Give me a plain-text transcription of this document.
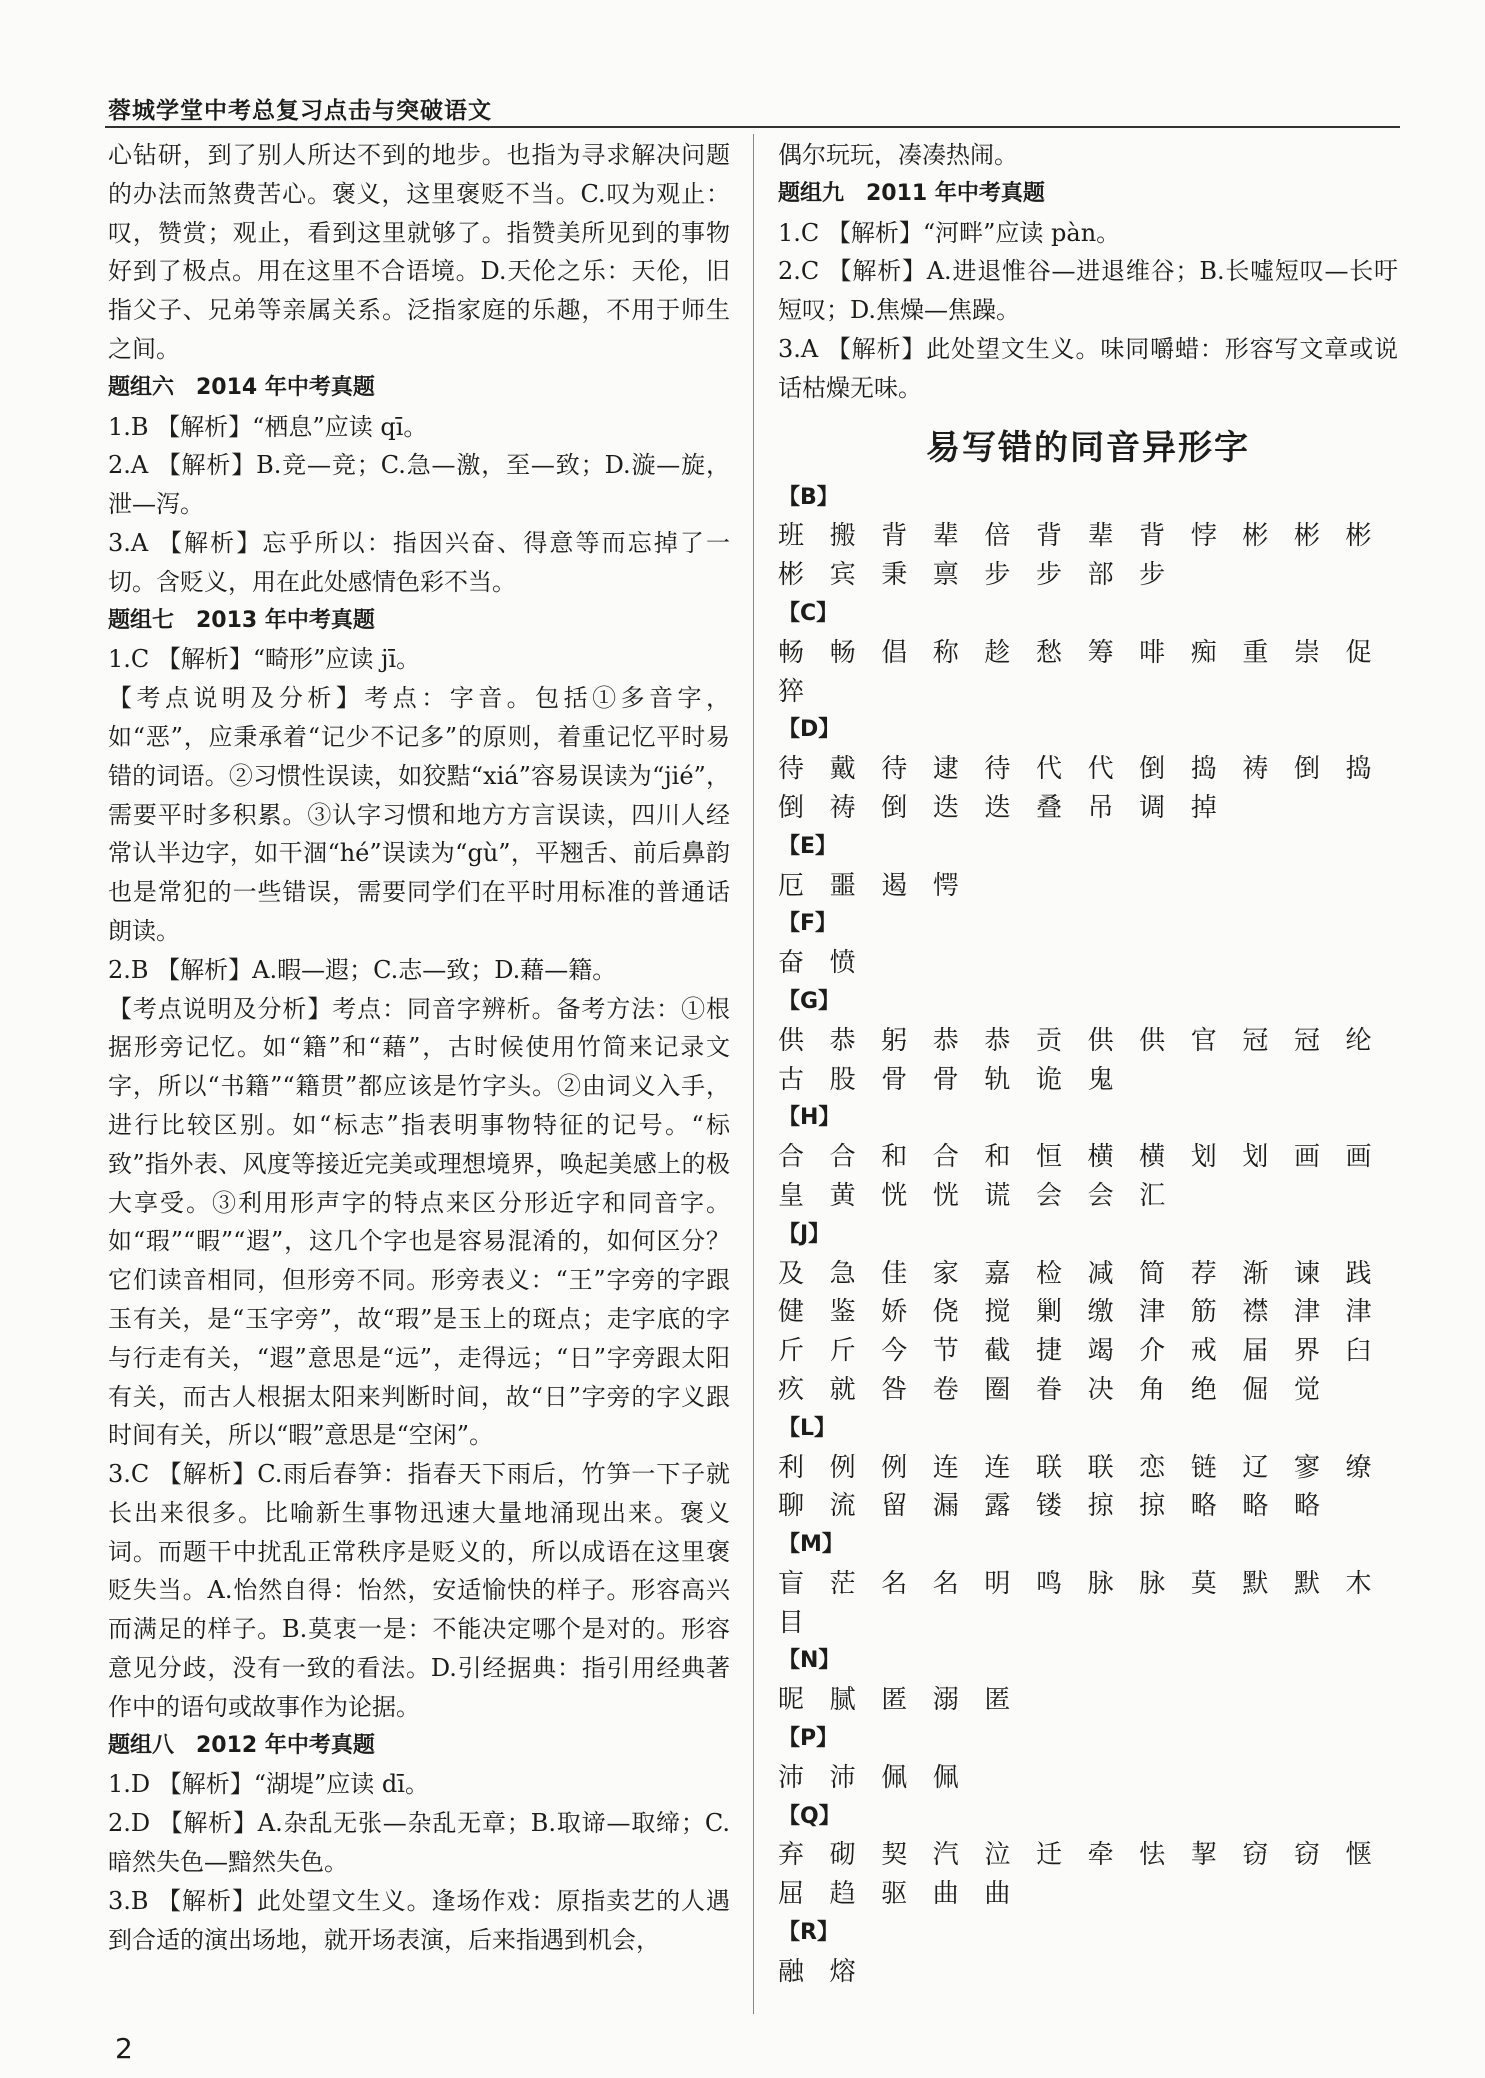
蓉城学堂中考总复习点击与突破语文
心钻研，到了别人所达不到的地步。也指为寻求解决问题的办法而煞费苦心。褒义，这里褒贬不当。C.叹为观止：叹，赞赏；观止，看到这里就够了。指赞美所见到的事物好到了极点。用在这里不合语境。D.天伦之乐：天伦，旧指父子、兄弟等亲属关系。泛指家庭的乐趣，不用于师生之间。
题组六　2014 年中考真题
1.B 【解析】“栖息”应读 qī。
2.A 【解析】B.竞—竞；C.急—激，至—致；D.漩—旋，泄—泻。
3.A 【解析】忘乎所以：指因兴奋、得意等而忘掉了一切。含贬义，用在此处感情色彩不当。
题组七　2013 年中考真题
1.C 【解析】“畸形”应读 jī。
【考点说明及分析】考点：字音。包括①多音字，如“恶”，应秉承着“记少不记多”的原则，着重记忆平时易错的词语。②习惯性误读，如狡黠“xiá”容易误读为“jié”，需要平时多积累。③认字习惯和地方方言误读，四川人经常认半边字，如干涸“hé”误读为“gù”，平翘舌、前后鼻韵也是常犯的一些错误，需要同学们在平时用标准的普通话朗读。
2.B 【解析】A.暇—遐；C.志—致；D.藉—籍。
【考点说明及分析】考点：同音字辨析。备考方法：①根据形旁记忆。如“籍”和“藉”，古时候使用竹简来记录文字，所以“书籍”“籍贯”都应该是竹字头。②由词义入手，进行比较区别。如“标志”指表明事物特征的记号。“标致”指外表、风度等接近完美或理想境界，唤起美感上的极大享受。③利用形声字的特点来区分形近字和同音字。如“瑕”“暇”“遐”，这几个字也是容易混淆的，如何区分？它们读音相同，但形旁不同。形旁表义：“王”字旁的字跟玉有关，是“玉字旁”，故“瑕”是玉上的斑点；走字底的字与行走有关，“遐”意思是“远”，走得远；“日”字旁跟太阳有关，而古人根据太阳来判断时间，故“日”字旁的字义跟时间有关，所以“暇”意思是“空闲”。
3.C 【解析】C.雨后春笋：指春天下雨后，竹笋一下子就长出来很多。比喻新生事物迅速大量地涌现出来。褒义词。而题干中扰乱正常秩序是贬义的，所以成语在这里褒贬失当。A.怡然自得：怡然，安适愉快的样子。形容高兴而满足的样子。B.莫衷一是：不能决定哪个是对的。形容意见分歧，没有一致的看法。D.引经据典：指引用经典著作中的语句或故事作为论据。
题组八　2012 年中考真题
1.D 【解析】“湖堤”应读 dī。
2.D 【解析】A.杂乱无张—杂乱无章；B.取谛—取缔；C.暗然失色—黯然失色。
3.B 【解析】此处望文生义。逢场作戏：原指卖艺的人遇到合适的演出场地，就开场表演，后来指遇到机会，
偶尔玩玩，凑凑热闹。
题组九　2011 年中考真题
1.C 【解析】“河畔”应读 pàn。
2.C 【解析】A.进退惟谷—进退维谷；B.长噓短叹—长吁短叹；D.焦燥—焦躁。
3.A 【解析】此处望文生义。味同嚼蜡：形容写文章或说话枯燥无味。
易写错的同音异形字
【B】
班 搬 背 辈 倍 背 辈 背 悖 彬 彬 彬
彬 宾 秉 禀 步 步 部 步
【C】
畅 畅 倡 称 趁 愁 筹 啡 痴 重 崇 促
猝
【D】
待 戴 待 逮 待 代 代 倒 捣 祷 倒 捣
倒 祷 倒 迭 迭 叠 吊 调 掉
【E】
厄 噩 遏 愕
【F】
奋 愤
【G】
供 恭 躬 恭 恭 贡 供 供 官 冠 冠 纶
古 股 骨 骨 轨 诡 鬼
【H】
合 合 和 合 和 恒 横 横 划 划 画 画
皇 黄 恍 恍 谎 会 会 汇
【J】
及 急 佳 家 嘉 检 减 简 荐 渐 谏 践
健 鉴 娇 侥 搅 剿 缴 津 筋 襟 津 津
斤 斤 今 节 截 捷 竭 介 戒 届 界 臼
疚 就 咎 卷 圈 眷 决 角 绝 倔 觉
【L】
利 例 例 连 连 联 联 恋 链 辽 寥 缭
聊 流 留 漏 露 镂 掠 掠 略 略 略
【M】
盲 茫 名 名 明 鸣 脉 脉 莫 默 默 木
目
【N】
昵 腻 匿 溺 匿
【P】
沛 沛 佩 佩
【Q】
弃 砌 契 汽 泣 迁 牵 怯 挈 窃 窃 惬
屈 趋 驱 曲 曲
【R】
融 熔
2
